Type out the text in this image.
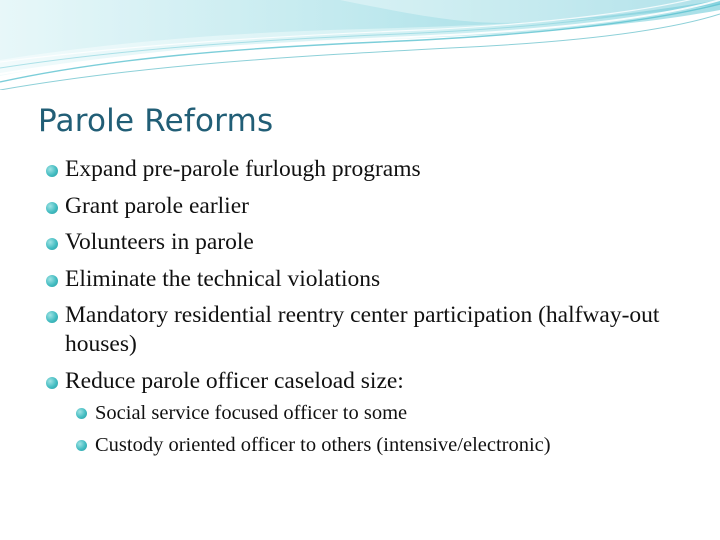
Parole Reforms
Expand pre-parole furlough programs
Grant parole earlier
Volunteers in parole
Eliminate the technical violations
Mandatory residential reentry center participation (halfway-out houses)
Reduce parole officer caseload size:
Social service focused officer to some
Custody oriented officer to others (intensive/electronic)
